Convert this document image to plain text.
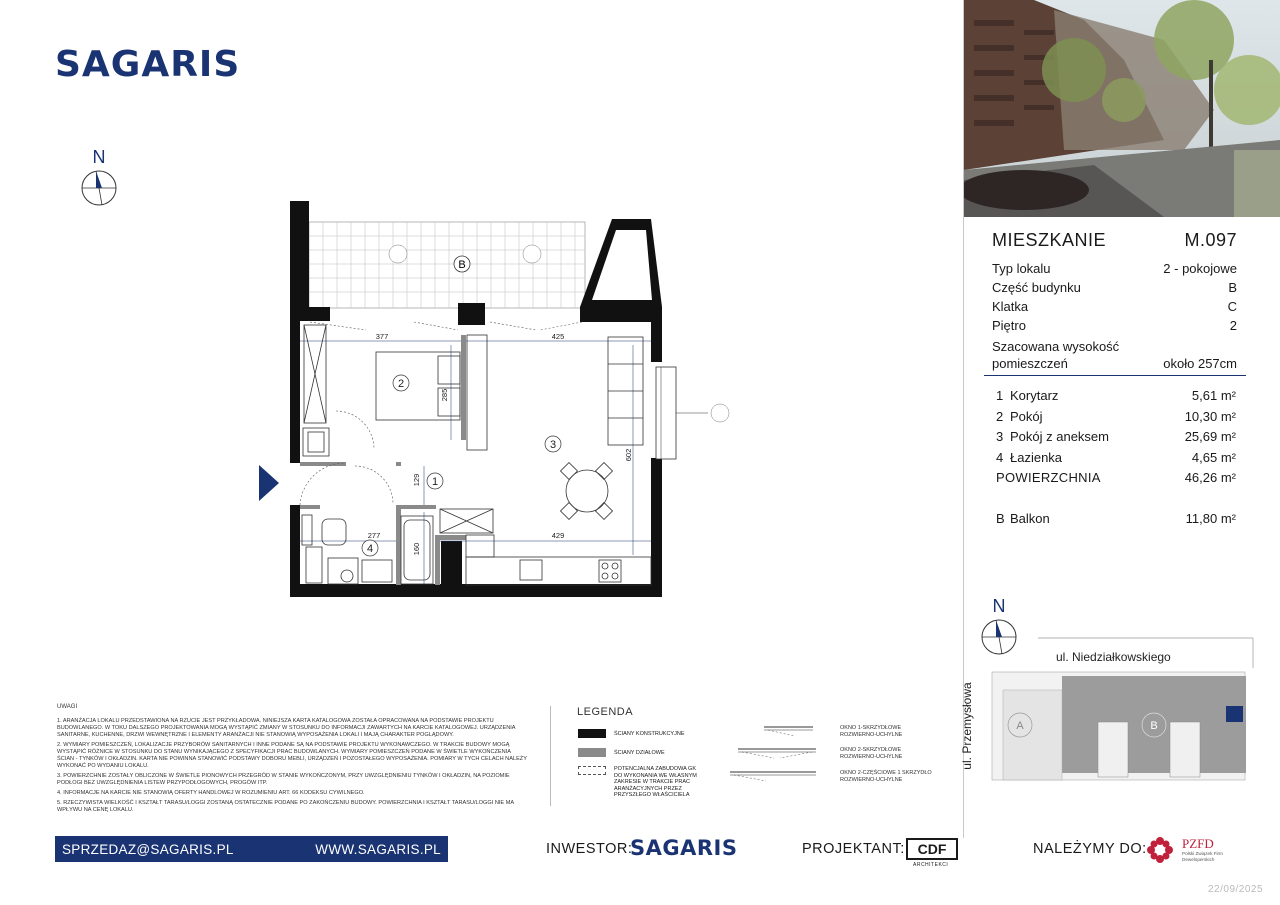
SAGARIS
N
B
377	425
285
602
129
277	429
160
1
2
3
4
MIESZKANIE	M.097
Typ lokalu	2 - pokojowe
Część budynku	B
Klatka	C
Piętro	2
Szacowana wysokość pomieszczeń	około 257cm
1 Korytarz	5,61 m²
2 Pokój	10,30 m²
3 Pokój z aneksem	25,69 m²
4 Łazienka	4,65 m²
POWIERZCHNIA	46,26 m²
B Balkon	11,80 m²
N
A	B
ul. Niedziałkowskiego
ul. Przemysłowa
UWAGI

1. ARANŻACJA LOKALU PRZEDSTAWIONA NA RZUCIE JEST PRZYKŁADOWA. NINIEJSZA KARTA KATALOGOWA ZOSTAŁA OPRACOWANA NA PODSTAWIE PROJEKTU BUDOWLANEGO. W TOKU DALSZEGO PROJEKTOWANIA MOGĄ WYSTĄPIĆ ZMIANY W STOSUNKU DO INFORMACJI ZAWARTYCH NA KARCIE KATALOGOWEJ. URZĄDZENIA SANITARNE, KUCHENNE, DRZWI WEWNĘTRZNE I ELEMENTY ARANŻACJI NIE STANOWIĄ WYPOSAŻENIA LOKALI I MAJĄ CHARAKTER POGLĄDOWY.

2. WYMIARY POMIESZCZEŃ, LOKALIZACJE PRZYBORÓW SANITARNYCH I INNE PODANE SĄ NA PODSTAWIE PROJEKTU WYKONAWCZEGO. W TRAKCIE BUDOWY MOGĄ WYSTĄPIĆ RÓŻNICE W STOSUNKU DO STANU WYNIKAJĄCEGO Z SPECYFIKACJI PRAC BUDOWLANYCH. WYMIARY POMIESZCZEŃ PODANE W ŚWIETLE WYKOŃCZENIA ŚCIAN - TYNKÓW I OKŁADZIN. KARTA NIE POWINNA STANOWIĆ PODSTAWY DOBORU MEBLI, URZĄDZEŃ I POZOSTAŁEGO WYPOSAŻENIA. POMIARY W TYCH CELACH NALEŻY WYKONAĆ PO WYDANIU LOKALU.

3. POWIERZCHNIE ZOSTAŁY OBLICZONE W ŚWIETLE PIONOWYCH PRZEGRÓD W STANIE WYKOŃCZONYM, PRZY UWZGLĘDNIENIU TYNKÓW I OKŁADZIN, NA POZIOMIE PODŁOGI BEZ UWZGLĘDNIENIA LISTEW PRZYPODŁOGOWYCH, PROGÓW ITP.

4. INFORMACJE NA KARCIE NIE STANOWIĄ OFERTY HANDLOWEJ W ROZUMIENIU ART. 66 KODEKSU CYWILNEGO.

5. RZECZYWISTA WIELKOŚĆ I KSZTAŁT TARASU/LOGGI ZOSTANĄ OSTATECZNIE PODANE PO ZAKOŃCZENIU BUDOWY. POWIERZCHNIA I KSZTAŁT TARASU/LOGGI NIE MA WPŁYWU NA CENĘ LOKALU.

LEGENDA
ŚCIANY KONSTRUKCYJNE
ŚCIANY DZIAŁOWE
POTENCJALNA ZABUDOWA GK DO WYKONANIA WE WŁASNYM ZAKRESIE W TRAKCIE PRAC ARANŻACYJNYCH PRZEZ PRZYSZŁEGO WŁAŚCICIELA
OKNO 1-SKRZYDŁOWE ROZWIERNO-UCHYLNE
OKNO 2-SKRZYDŁOWE ROZWIERNO-UCHYLNE
OKNO 2-CZĘŚCIOWE 1 SKRZYDŁO ROZWIERNO-UCHYLNE
SPRZEDAZ@SAGARIS.PL	WWW.SAGARIS.PL	INWESTOR:
SAGARIS	PROJEKTANT: CDF
ARCHITEKCI
NALEŻYMY DO:	PZFD
Polski Związek Firm Deweloperskich
22/09/2025
